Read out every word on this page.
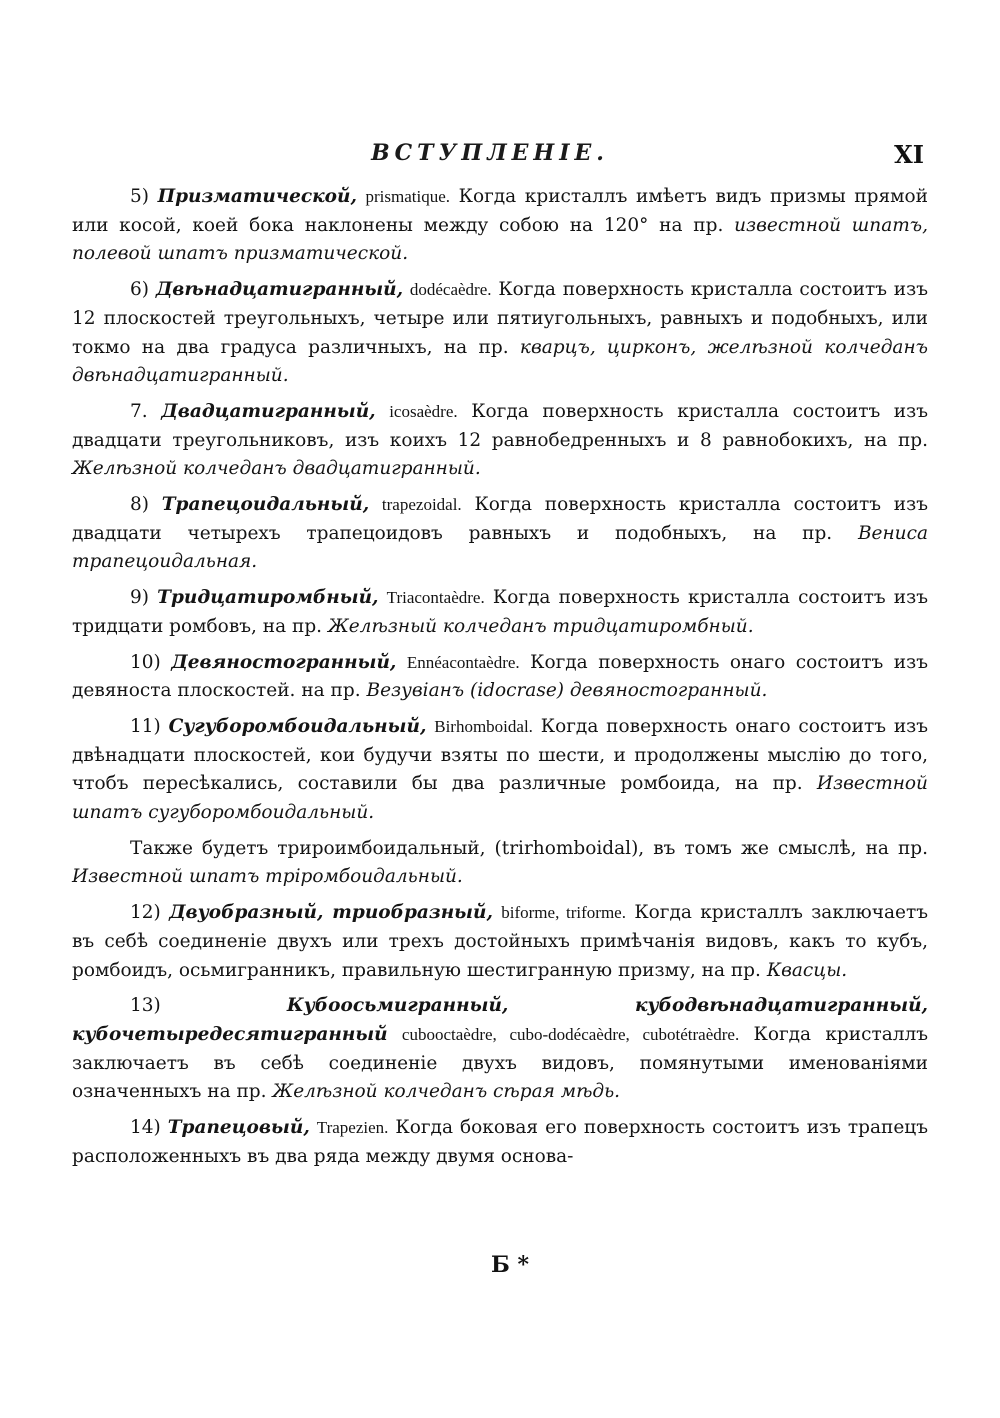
ВСТУПЛЕНIЕ.	XI

5) Призматической, prismatique. Когда кристаллъ имѣетъ видъ призмы прямой или косой, коей бока наклонены между собою на 120° на пр. известной шпатъ, полевой шпатъ призматической.

6) Двѣнадцатигранный, dodécaèdre. Когда поверхность кристалла состоитъ изъ 12 плоскостей треугольныхъ, четыре или пятиугольныхъ, равныхъ и подобныхъ, или токмо на два градуса различныхъ, на пр. кварцъ, цирконъ, желѣзной колчеданъ двѣнадцатигранный.

7. Двадцатигранный, icosaèdre. Когда поверхность кристалла состоитъ изъ двадцати треугольниковъ, изъ коихъ 12 равнобедренныхъ и 8 равнобокихъ, на пр. Желѣзной колчеданъ двадцатигранный.

8) Трапецоидальный, trapezoidal. Когда поверхность кристалла состоитъ изъ двадцати четырехъ трапецоидовъ равныхъ и подобныхъ, на пр. Вениса трапецоидальная.

9) Тридцатиромбный, Triacontaèdre. Когда поверхность кристалла состоитъ изъ тридцати ромбовъ, на пр. Желѣзный колчеданъ тридцатиромбный.

10) Девяностогранный, Ennéacontaèdre. Когда поверхность онаго состоитъ изъ девяноста плоскостей. на пр. Везувіанъ (idocrase) девяностогранный.

11) Сугуборомбоидальный, Birhomboidal. Когда поверхность онаго состоитъ изъ двѣнадцати плоскостей, кои будучи взяты по шести, и продолжены мыслію до того, чтобъ пересѣкались, составили бы два различные ромбоида, на пр. Известной шпатъ сугуборомбоидальный.

Также будетъ трироимбоидальный, (trirhomboidal), въ томъ же смыслѣ, на пр. Известной шпатъ тріромбоидальный.

12) Двуобразный, триобразный, biforme, triforme. Когда кристаллъ заключаетъ въ себѣ соединеніе двухъ или трехъ достойныхъ примѣчанія видовъ, какъ то кубъ, ромбоидъ, осьмигранникъ, правильную шестигранную призму, на пр. Квасцы.

13)	Кубоосьмигранный, кубодвѣнадцатигранный, кубочетыредесятигранный cubooctaèdre, cubo-dodécaèdre, cubotétraèdre. Когда кристаллъ заключаетъ въ себѣ соединеніе двухъ видовъ, помянутыми именованіями означенныхъ на пр. Желѣзной колчеданъ сѣрая мѣдь.

14) Трапецовый, Trapezien. Когда боковая его поверхность состоитъ изъ трапецъ расположенныхъ въ два ряда между двумя основа-

Б *
